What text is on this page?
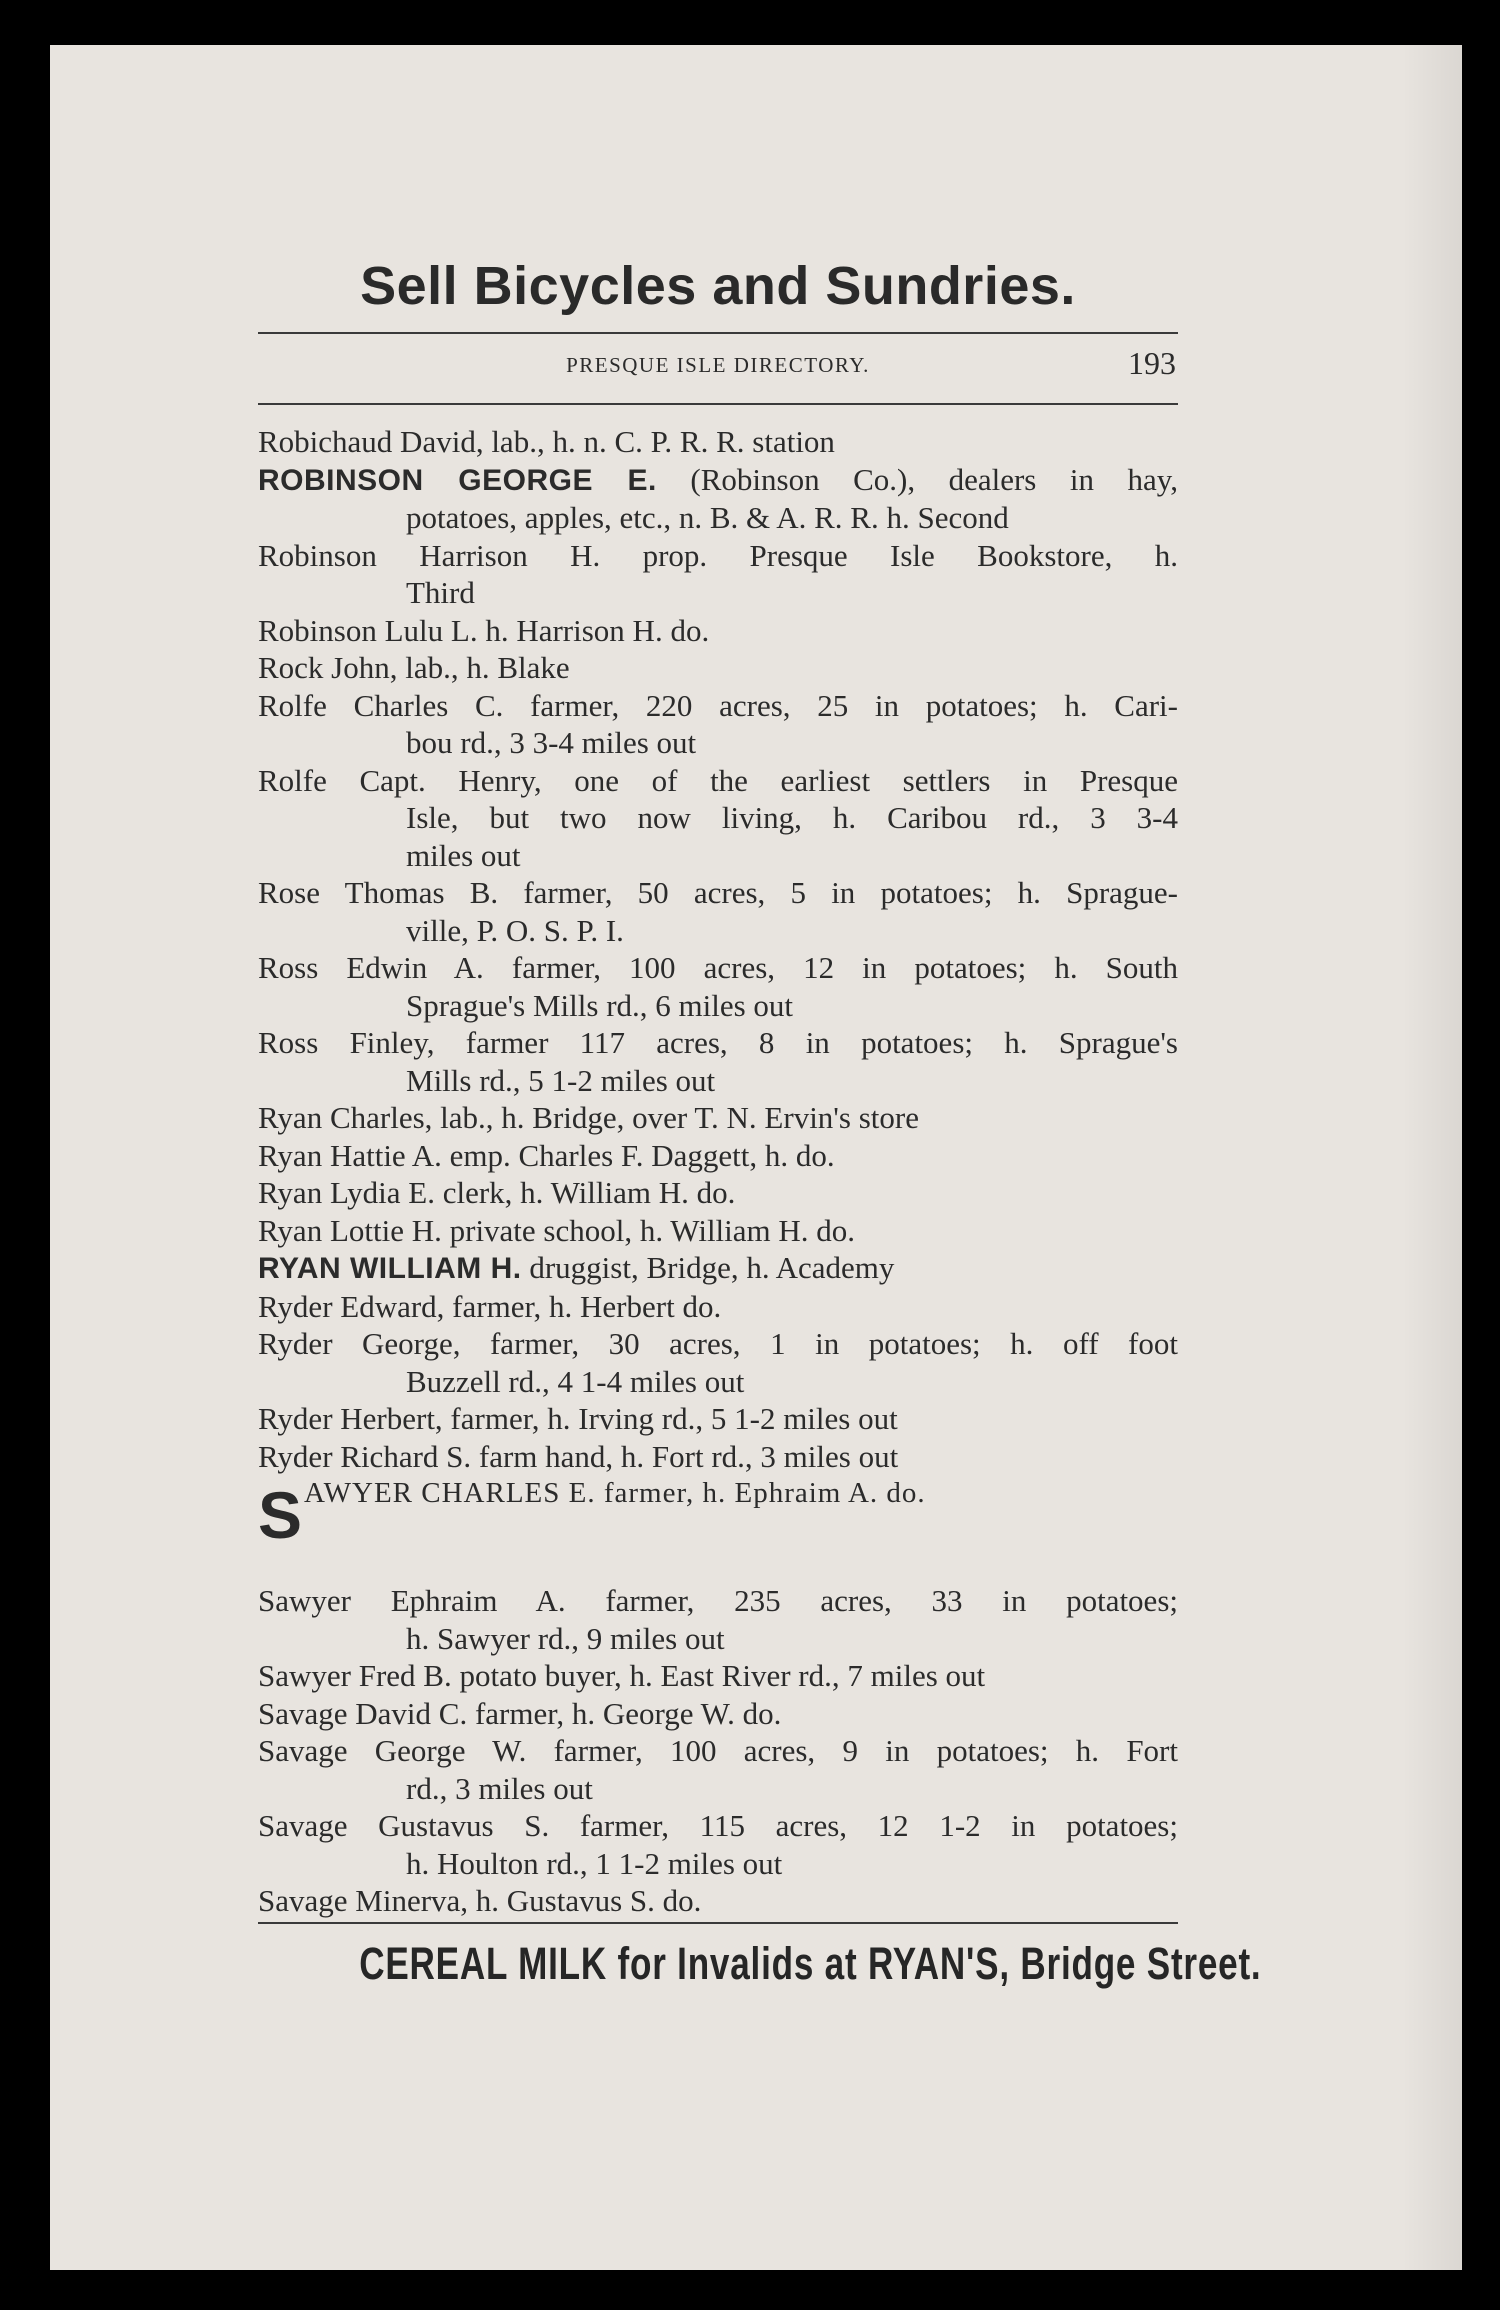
Sell Bicycles and Sundries.
PRESQUE ISLE DIRECTORY.	193
Robichaud David, lab., h. n. C. P. R. R. station
ROBINSON GEORGE E. (Robinson Co.), dealers in hay,
potatoes, apples, etc., n. B. & A. R. R. h. Second
Robinson Harrison H. prop. Presque Isle Bookstore, h.
Third
Robinson Lulu L. h. Harrison H. do.
Rock John, lab., h. Blake
Rolfe Charles C. farmer, 220 acres, 25 in potatoes; h. Cari-
bou rd., 3 3-4 miles out
Rolfe Capt. Henry, one of the earliest settlers in Presque
Isle, but two now living, h. Caribou rd., 3 3-4
miles out
Rose Thomas B. farmer, 50 acres, 5 in potatoes; h. Sprague-
ville, P. O. S. P. I.
Ross Edwin A. farmer, 100 acres, 12 in potatoes; h. South
Sprague's Mills rd., 6 miles out
Ross Finley, farmer 117 acres, 8 in potatoes; h. Sprague's
Mills rd., 5 1-2 miles out
Ryan Charles, lab., h. Bridge, over T. N. Ervin's store
Ryan Hattie A. emp. Charles F. Daggett, h. do.
Ryan Lydia E. clerk, h. William H. do.
Ryan Lottie H. private school, h. William H. do.
RYAN WILLIAM H. druggist, Bridge, h. Academy
Ryder Edward, farmer, h. Herbert do.
Ryder George, farmer, 30 acres, 1 in potatoes; h. off foot
Buzzell rd., 4 1-4 miles out
Ryder Herbert, farmer, h. Irving rd., 5 1-2 miles out
Ryder Richard S. farm hand, h. Fort rd., 3 miles out
S AWYER CHARLES E. farmer, h. Ephraim A. do.
Sawyer Ephraim A. farmer, 235 acres, 33 in potatoes;
h. Sawyer rd., 9 miles out
Sawyer Fred B. potato buyer, h. East River rd., 7 miles out
Savage David C. farmer, h. George W. do.
Savage George W. farmer, 100 acres, 9 in potatoes; h. Fort
rd., 3 miles out
Savage Gustavus S. farmer, 115 acres, 12 1-2 in potatoes;
h. Houlton rd., 1 1-2 miles out
Savage Minerva, h. Gustavus S. do.
CEREAL MILK for Invalids at RYAN'S, Bridge Street.
